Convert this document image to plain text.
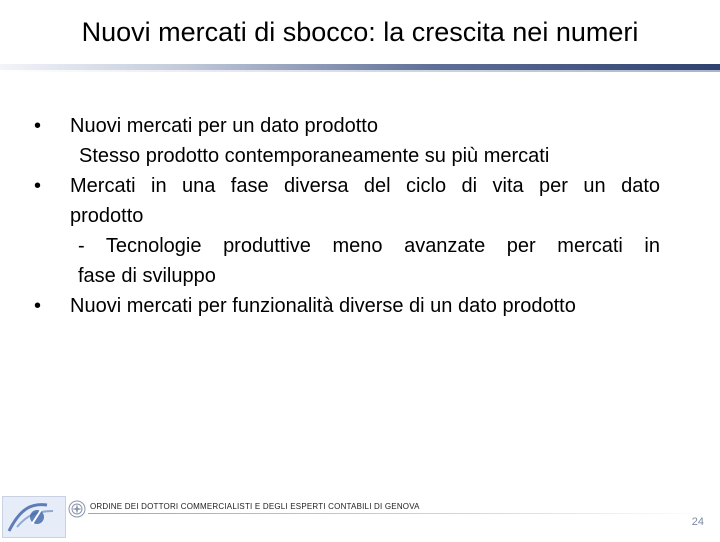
Nuovi mercati di sbocco: la crescita nei numeri
•	Nuovi mercati per un dato prodotto
Stesso prodotto contemporaneamente su più mercati
•	Mercati in una fase diversa del ciclo di vita per un dato
prodotto
- Tecnologie produttive meno avanzate per mercati in
fase di sviluppo
•	Nuovi mercati per funzionalità diverse di un dato prodotto
ORDINE DEI DOTTORI COMMERCIALISTI E DEGLI ESPERTI CONTABILI DI GENOVA
24
